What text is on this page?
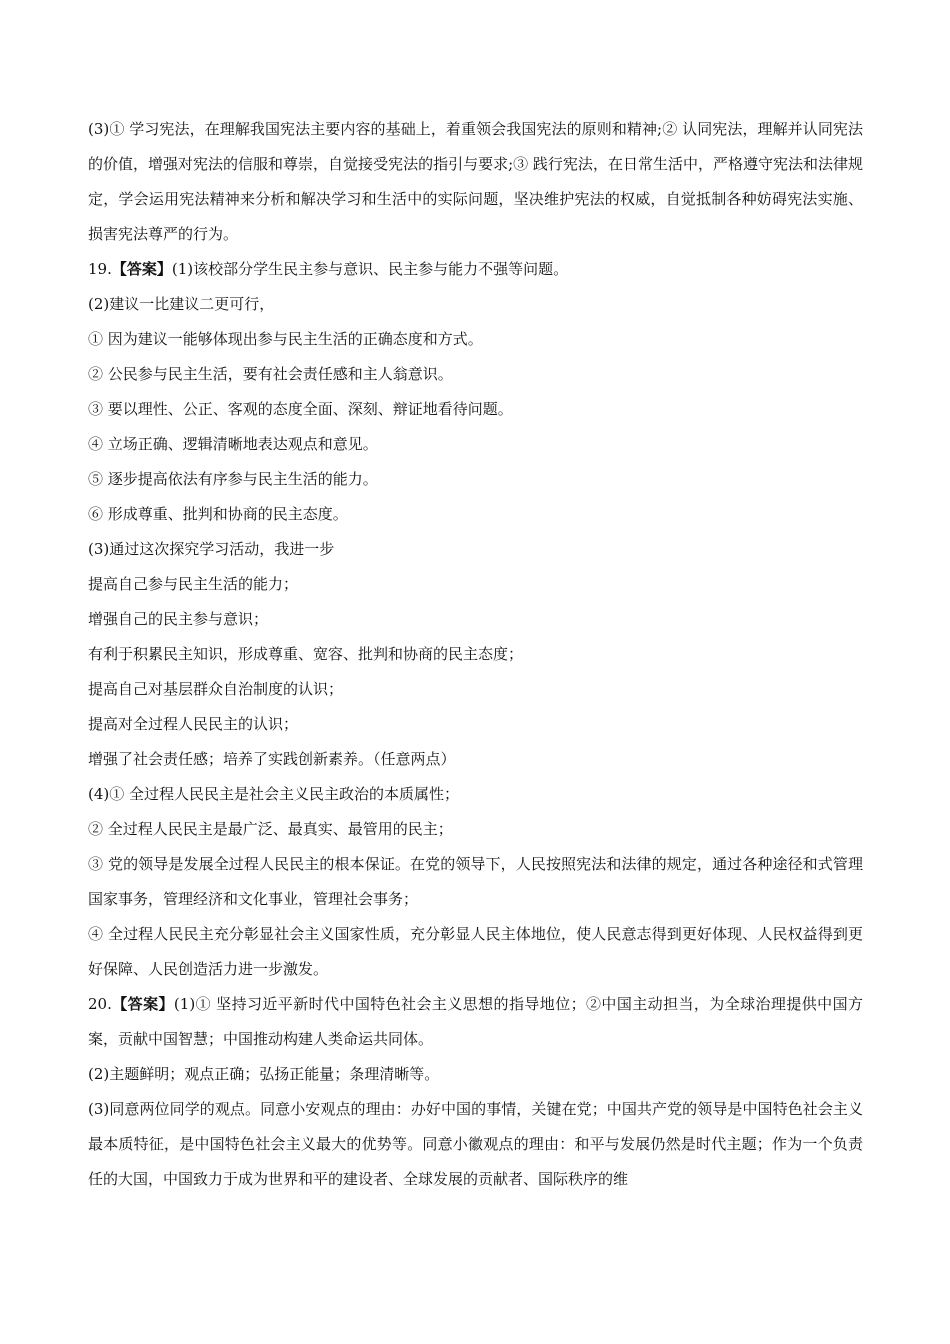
(3)① 学习宪法，在理解我国宪法主要内容的基础上，着重领会我国宪法的原则和精神;② 认同宪法，理解并认同宪法的价值，增强对宪法的信服和尊崇，自觉接受宪法的指引与要求;③ 践行宪法，在日常生活中，严格遵守宪法和法律规定，学会运用宪法精神来分析和解决学习和生活中的实际问题，坚决维护宪法的权威，自觉抵制各种妨碍宪法实施、损害宪法尊严的行为。

19.【答案】(1)该校部分学生民主参与意识、民主参与能力不强等问题。

(2)建议一比建议二更可行，

① 因为建议一能够体现出参与民主生活的正确态度和方式。

② 公民参与民主生活，要有社会责任感和主人翁意识。

③ 要以理性、公正、客观的态度全面、深刻、辩证地看待问题。

④ 立场正确、逻辑清晰地表达观点和意见。

⑤ 逐步提高依法有序参与民主生活的能力。

⑥ 形成尊重、批判和协商的民主态度。

(3)通过这次探究学习活动，我进一步

提高自己参与民主生活的能力；

增强自己的民主参与意识；

有利于积累民主知识，形成尊重、宽容、批判和协商的民主态度；

提高自己对基层群众自治制度的认识；

提高对全过程人民民主的认识；

增强了社会责任感；培养了实践创新素养。（任意两点）

(4)① 全过程人民民主是社会主义民主政治的本质属性；

② 全过程人民民主是最广泛、最真实、最管用的民主；

③ 党的领导是发展全过程人民民主的根本保证。在党的领导下，人民按照宪法和法律的规定，通过各种途径和式管理国家事务，管理经济和文化事业，管理社会事务；

④ 全过程人民民主充分彰显社会主义国家性质，充分彰显人民主体地位，使人民意志得到更好体现、人民权益得到更好保障、人民创造活力进一步激发。

20.【答案】(1)① 坚持习近平新时代中国特色社会主义思想的指导地位；②中国主动担当，为全球治理提供中国方案，贡献中国智慧；中国推动构建人类命运共同体。

(2)主题鲜明；观点正确；弘扬正能量；条理清晰等。

(3)同意两位同学的观点。同意小安观点的理由：办好中国的事情，关键在党；中国共产党的领导是中国特色社会主义最本质特征，是中国特色社会主义最大的优势等。同意小徽观点的理由：和平与发展仍然是时代主题；作为一个负责任的大国，中国致力于成为世界和平的建设者、全球发展的贡献者、国际秩序的维
